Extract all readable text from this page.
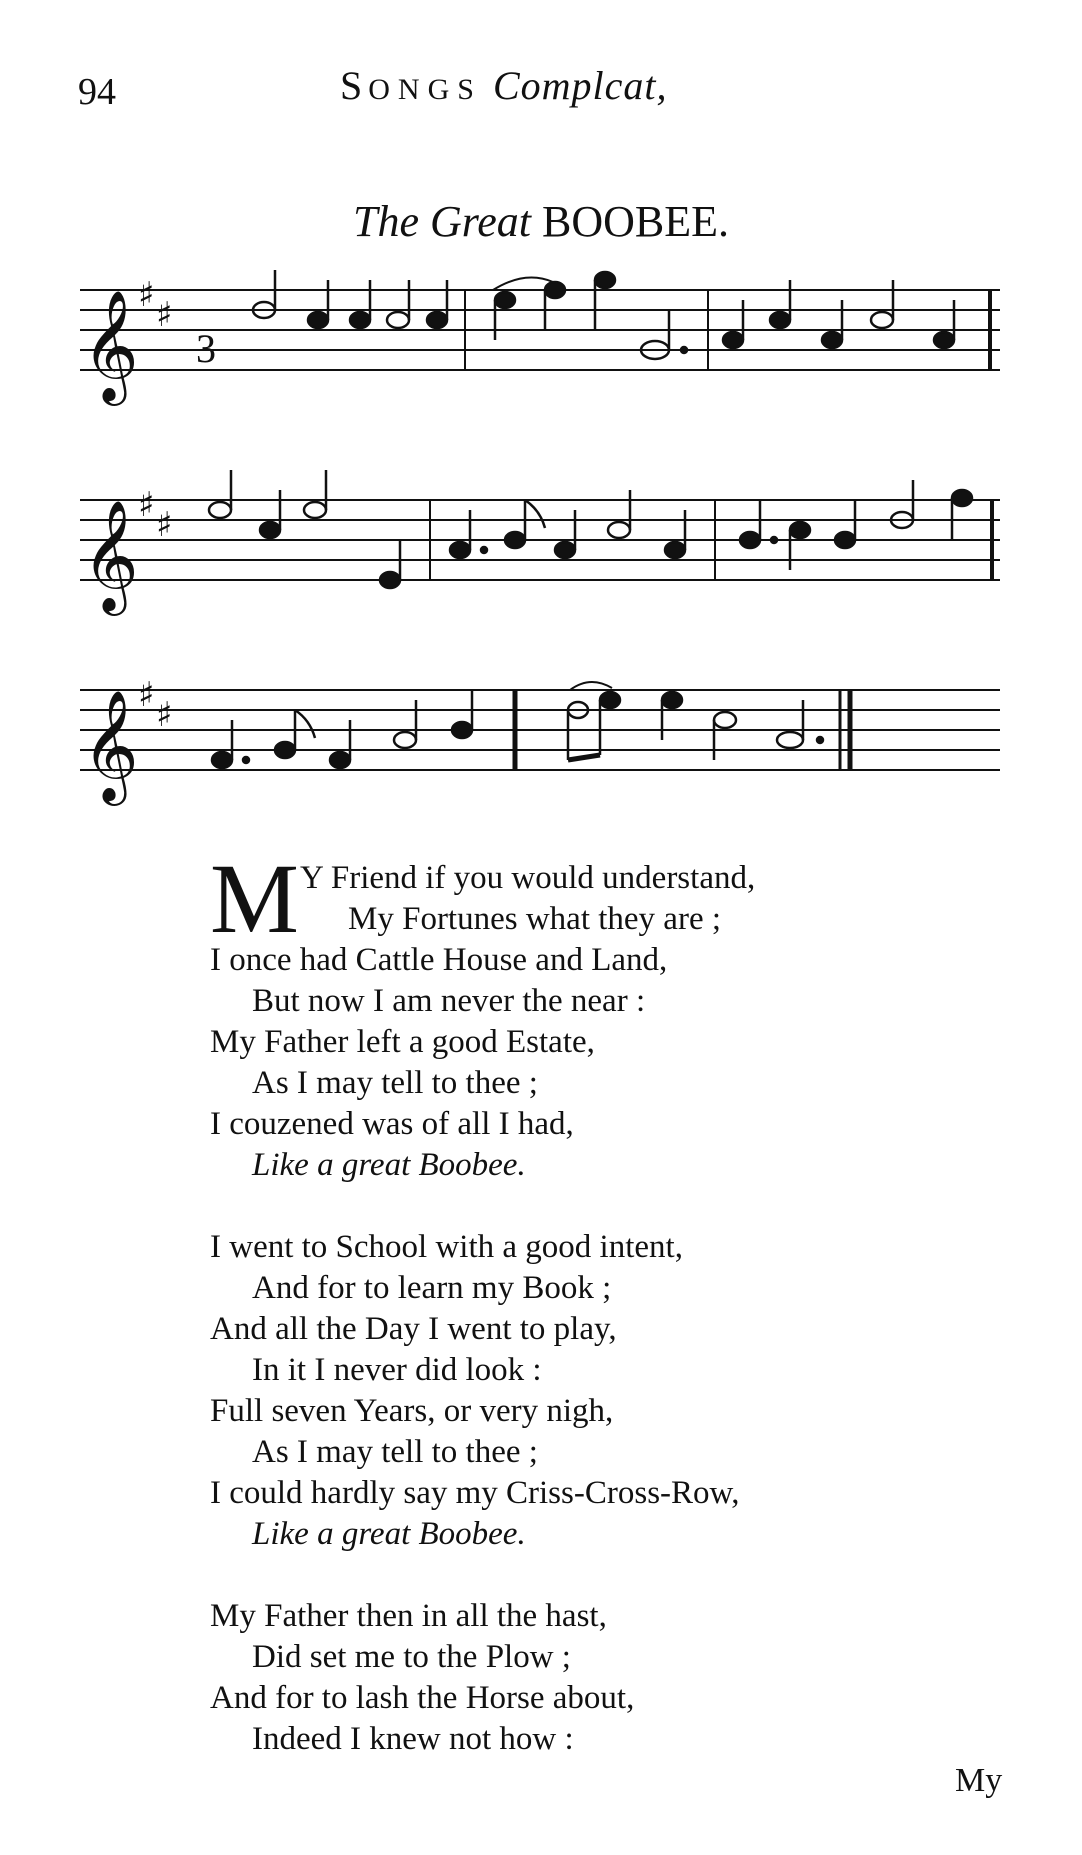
94	SONGS Complcat,
The Great BOOBEE.
𝄞
𝄞
𝄞
♯ ♯
♯ ♯
♯ ♯
3
M Y Friend if you would understand,
My Fortunes what they are ;
I once had Cattle House and Land,
But now I am never the near :
My Father left a good Estate,
As I may tell to thee ;
I couzened was of all I had,
Like a great Boobee.
I went to School with a good intent,
And for to learn my Book ;
And all the Day I went to play,
In it I never did look :
Full seven Years, or very nigh,
As I may tell to thee ;
I could hardly say my Criss-Cross-Row,
Like a great Boobee.
My Father then in all the hast,
Did set me to the Plow ;
And for to lash the Horse about,
Indeed I knew not how :
My
